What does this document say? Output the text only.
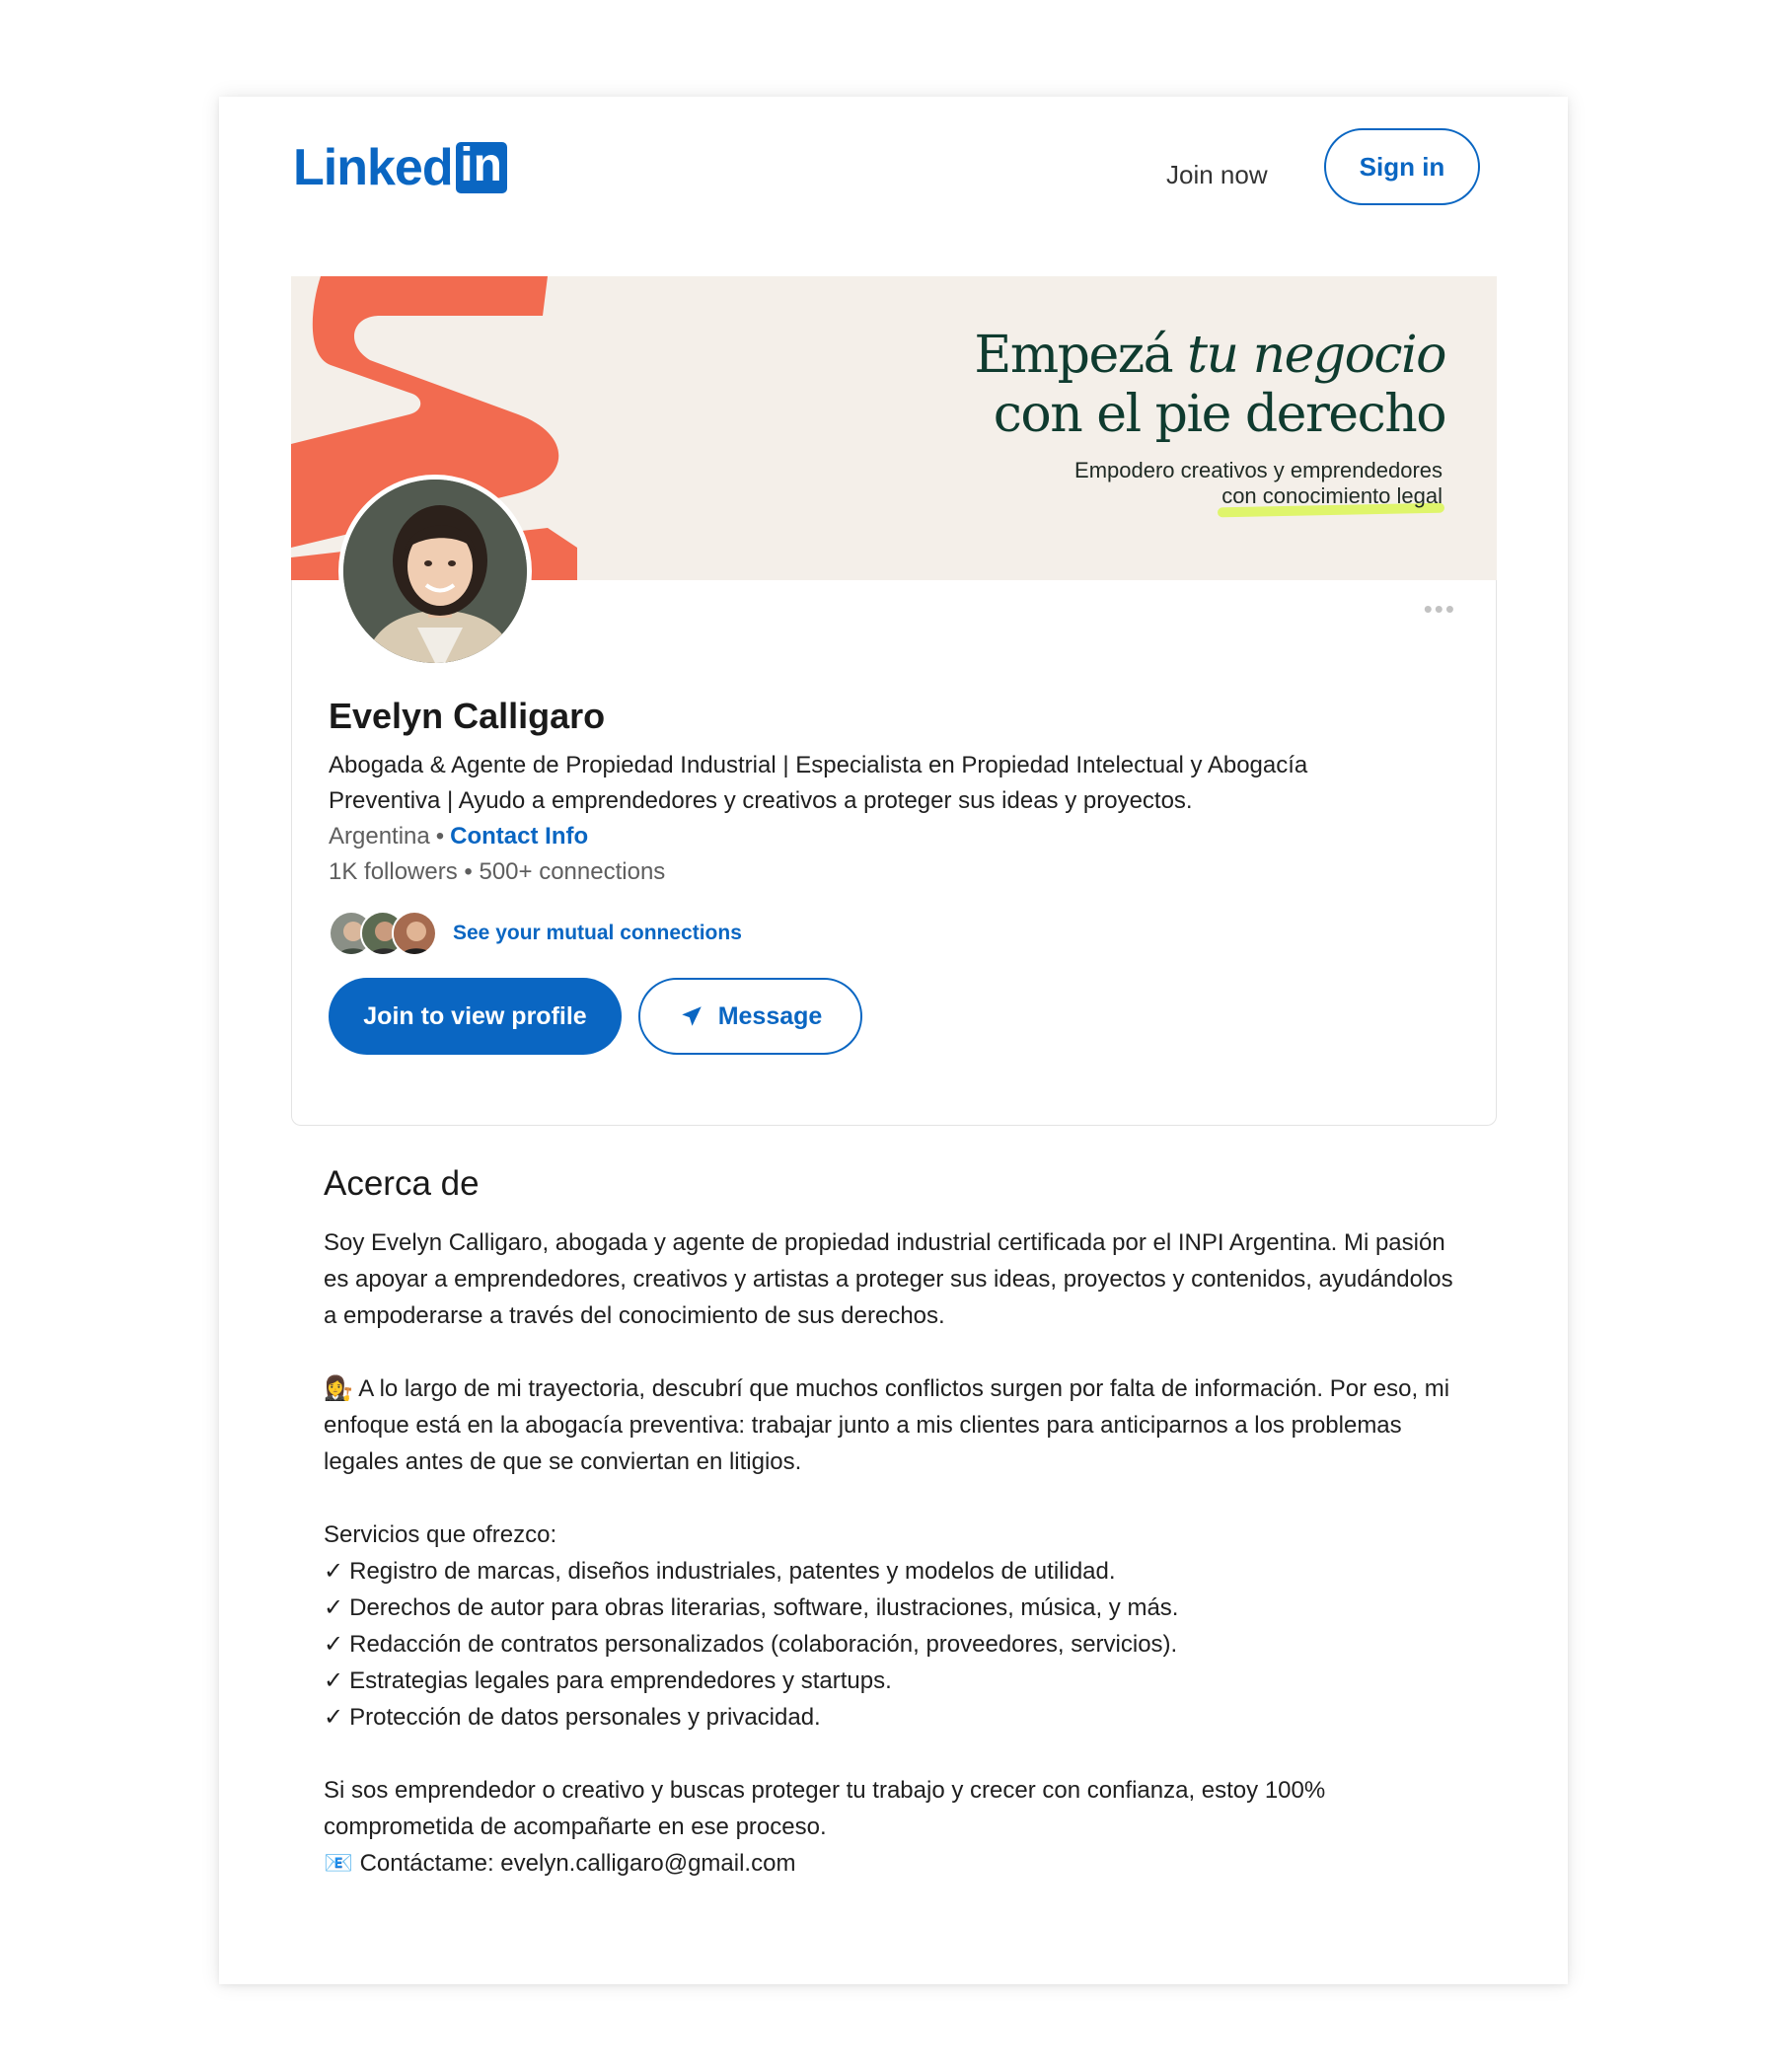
Linked in	Join now	Sign in
Empezá tu negocio
con el pie derecho
Empodero creativos y emprendedores
con conocimiento legal
•••
Evelyn Calligaro
Abogada & Agente de Propiedad Industrial | Especialista en Propiedad Intelectual y Abogacía Preventiva | Ayudo a emprendedores y creativos a proteger sus ideas y proyectos.
Argentina • Contact Info
1K followers • 500+ connections
See your mutual connections
Join to view profile	Message
Acerca de

Soy Evelyn Calligaro, abogada y agente de propiedad industrial certificada por el INPI Argentina. Mi pasión es apoyar a emprendedores, creativos y artistas a proteger sus ideas, proyectos y contenidos, ayudándolos a empoderarse a través del conocimiento de sus derechos.

👩‍⚖️ A lo largo de mi trayectoria, descubrí que muchos conflictos surgen por falta de información. Por eso, mi enfoque está en la abogacía preventiva: trabajar junto a mis clientes para anticiparnos a los problemas legales antes de que se conviertan en litigios.

Servicios que ofrezco:

✓ Registro de marcas, diseños industriales, patentes y modelos de utilidad.

✓ Derechos de autor para obras literarias, software, ilustraciones, música, y más.

✓ Redacción de contratos personalizados (colaboración, proveedores, servicios).

✓ Estrategias legales para emprendedores y startups.

✓ Protección de datos personales y privacidad.

Si sos emprendedor o creativo y buscas proteger tu trabajo y crecer con confianza, estoy 100% comprometida de acompañarte en ese proceso.

📧 Contáctame: evelyn.calligaro@gmail.com
